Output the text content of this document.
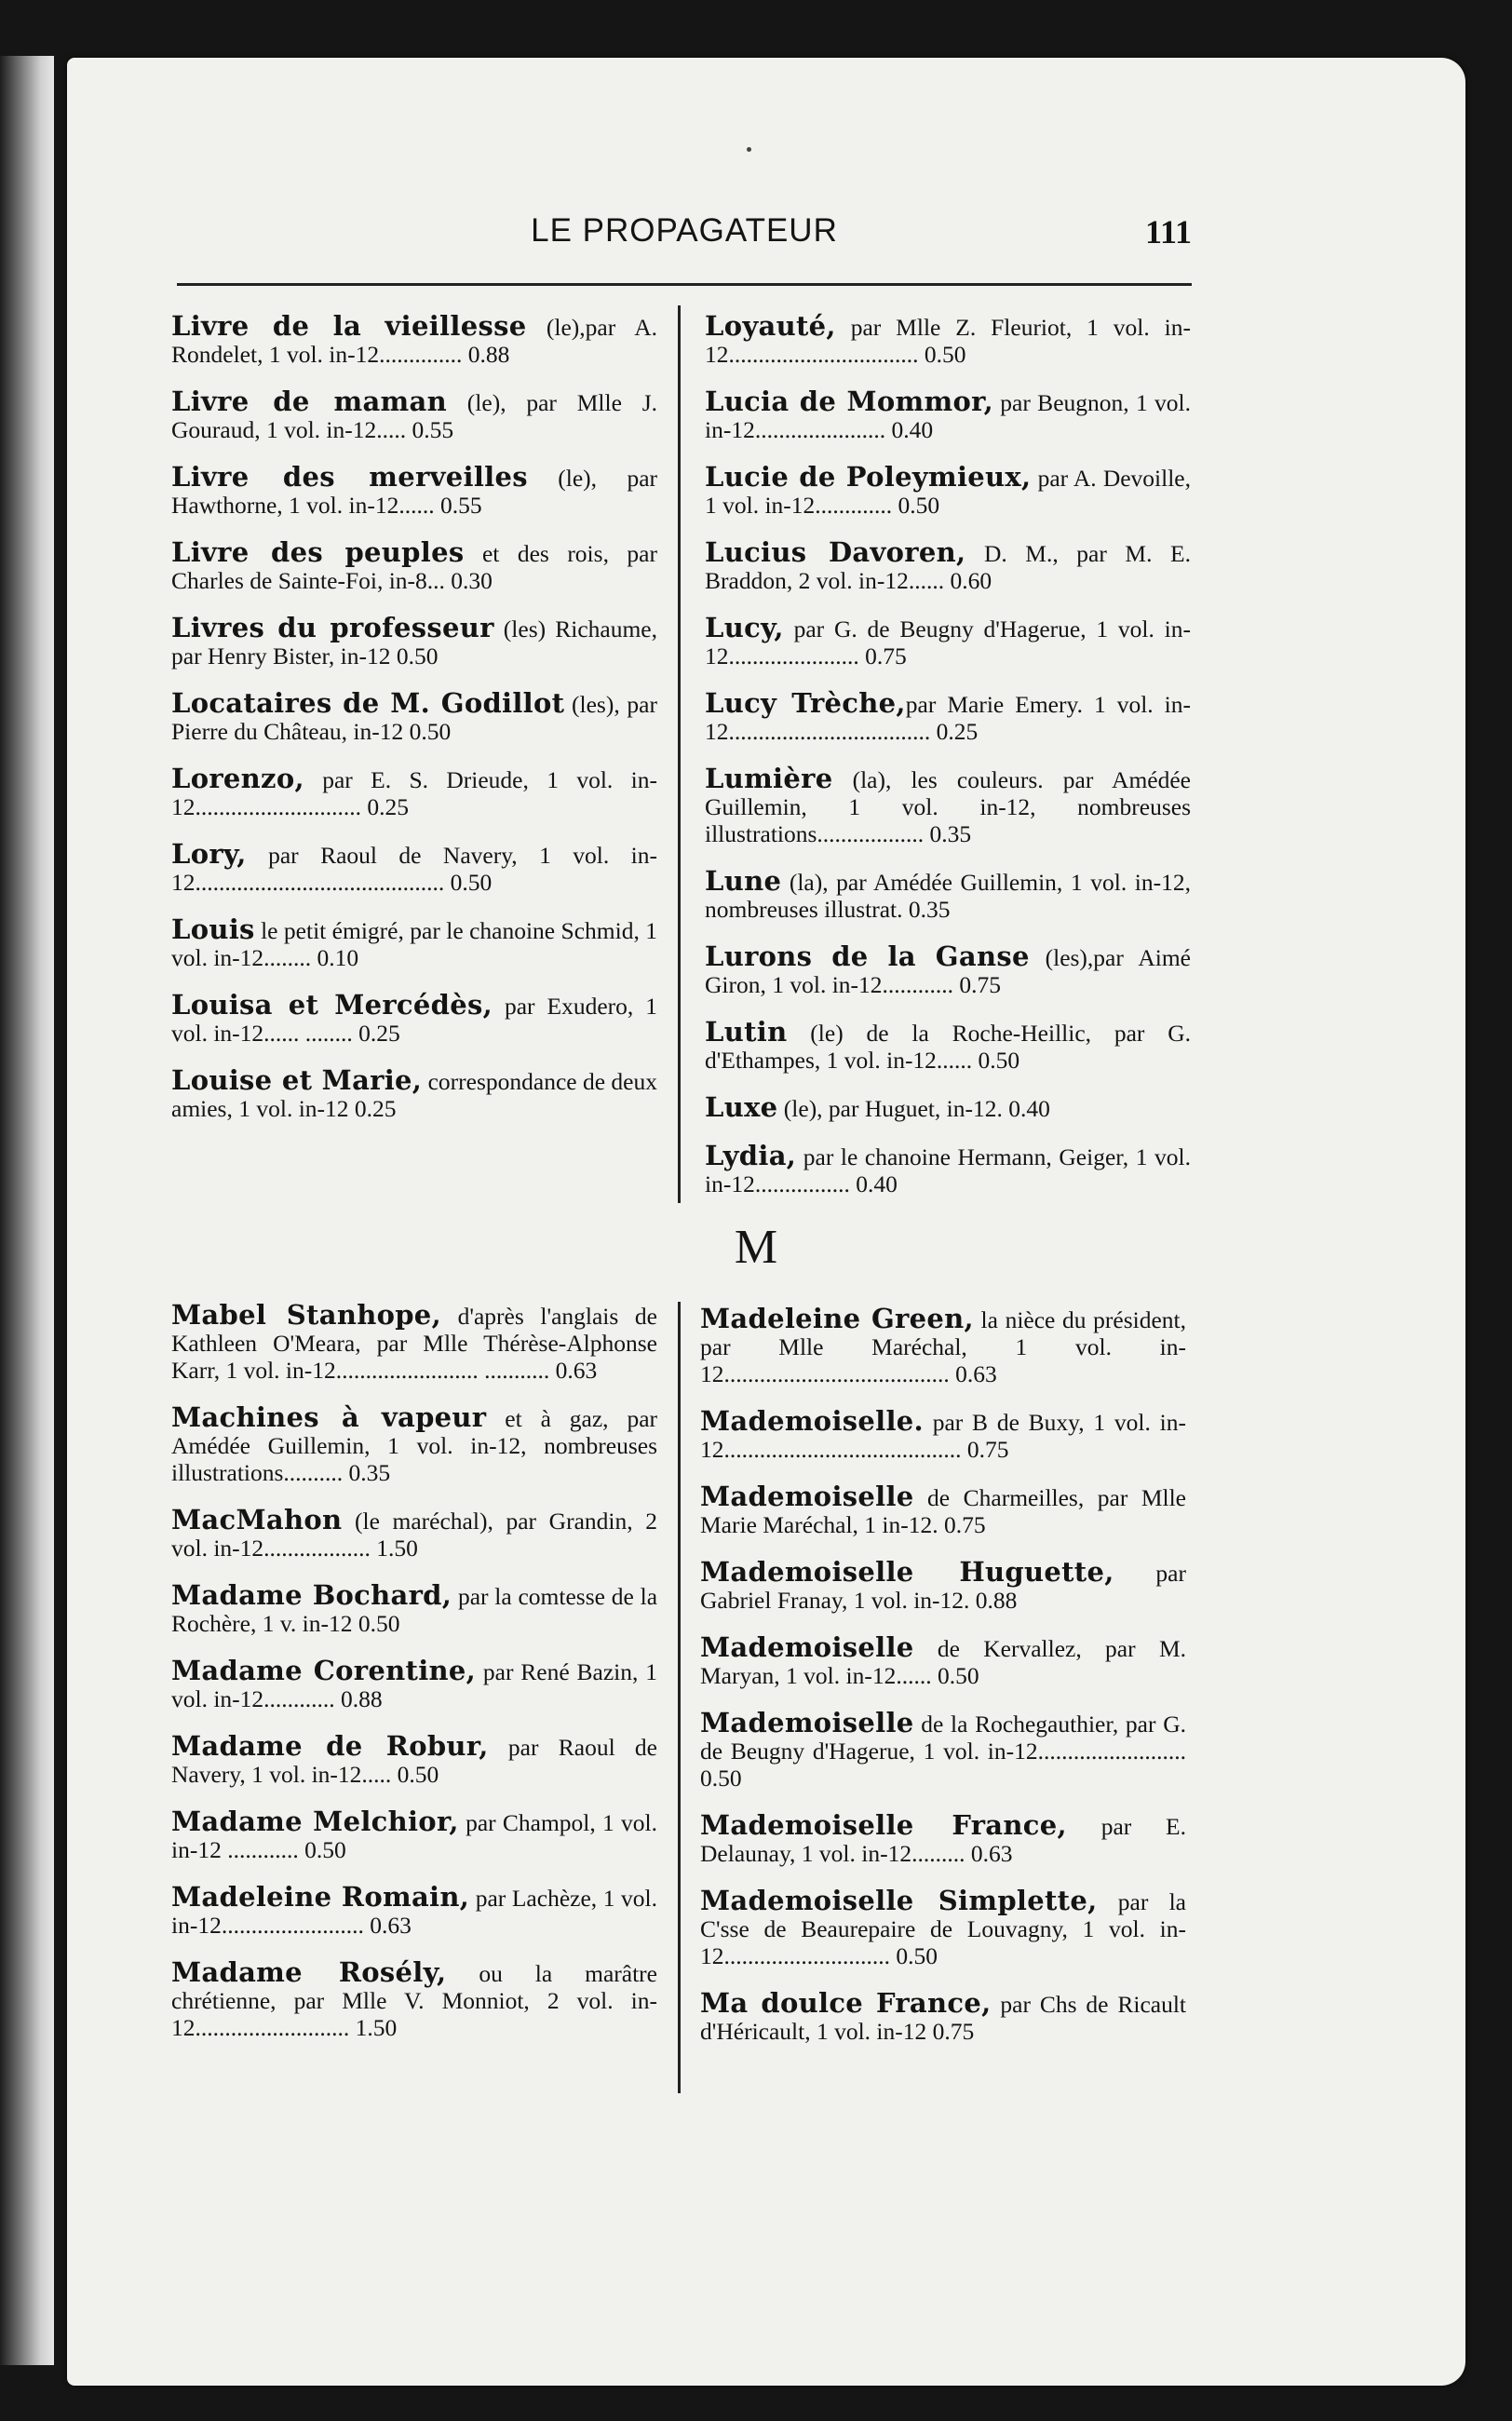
LE PROPAGATEUR	111
Livre de la vieillesse (le),par A. Rondelet, 1 vol. in-12.............. 0.88
Livre de maman (le), par Mlle J. Gouraud, 1 vol. in-12..... 0.55
Livre des merveilles (le), par Hawthorne, 1 vol. in-12...... 0.55
Livre des peuples et des rois, par Charles de Sainte-Foi, in-8... 0.30
Livres du professeur (les) Richaume, par Henry Bister, in-12 0.50
Locataires de M. Godillot (les), par Pierre du Château, in-12 0.50
Lorenzo, par E. S. Drieude, 1 vol. in-12............................ 0.25
Lory, par Raoul de Navery, 1 vol. in-12.......................................... 0.50
Louis le petit émigré, par le chanoine Schmid, 1 vol. in-12........ 0.10
Louisa et Mercédès, par Exudero, 1 vol. in-12...... ........ 0.25
Louise et Marie, correspondance de deux amies, 1 vol. in-12 0.25
Loyauté, par Mlle Z. Fleuriot, 1 vol. in-12................................ 0.50
Lucia de Mommor, par Beugnon, 1 vol. in-12...................... 0.40
Lucie de Poleymieux, par A. Devoille, 1 vol. in-12............. 0.50
Lucius Davoren, D. M., par M. E. Braddon, 2 vol. in-12...... 0.60
Lucy, par G. de Beugny d'Hagerue, 1 vol. in-12...................... 0.75
Lucy Trèche,par Marie Emery. 1 vol. in-12.................................. 0.25
Lumière (la), les couleurs. par Amédée Guillemin, 1 vol. in-12, nombreuses illustrations.................. 0.35
Lune (la), par Amédée Guillemin, 1 vol. in-12, nombreuses illustrat. 0.35
Lurons de la Ganse (les),par Aimé Giron, 1 vol. in-12............ 0.75
Lutin (le) de la Roche-Heillic, par G. d'Ethampes, 1 vol. in-12...... 0.50
Luxe (le), par Huguet, in-12. 0.40
Lydia, par le chanoine Hermann, Geiger, 1 vol. in-12................ 0.40
M
Mabel Stanhope, d'après l'anglais de Kathleen O'Meara, par Mlle Thérèse-Alphonse Karr, 1 vol. in-12........................ ........... 0.63
Machines à vapeur et à gaz, par Amédée Guillemin, 1 vol. in-12, nombreuses illustrations.......... 0.35
MacMahon (le maréchal), par Grandin, 2 vol. in-12.................. 1.50
Madame Bochard, par la comtesse de la Rochère, 1 v. in-12 0.50
Madame Corentine, par René Bazin, 1 vol. in-12............ 0.88
Madame de Robur, par Raoul de Navery, 1 vol. in-12..... 0.50
Madame Melchior, par Champol, 1 vol. in-12 ............ 0.50
Madeleine Romain, par Lachèze, 1 vol. in-12........................ 0.63
Madame Rosély, ou la marâtre chrétienne, par Mlle V. Monniot, 2 vol. in-12.......................... 1.50
Madeleine Green, la nièce du président, par Mlle Maréchal, 1 vol. in-12...................................... 0.63
Mademoiselle. par B de Buxy, 1 vol. in-12........................................ 0.75
Mademoiselle de Charmeilles, par Mlle Marie Maréchal, 1 in-12. 0.75
Mademoiselle Huguette, par Gabriel Franay, 1 vol. in-12. 0.88
Mademoiselle de Kervallez, par M. Maryan, 1 vol. in-12...... 0.50
Mademoiselle de la Rochegauthier, par G. de Beugny d'Hagerue, 1 vol. in-12......................... 0.50
Mademoiselle France, par E. Delaunay, 1 vol. in-12......... 0.63
Mademoiselle Simplette, par la C'sse de Beaurepaire de Louvagny, 1 vol. in-12............................ 0.50
Ma doulce France, par Chs de Ricault d'Héricault, 1 vol. in-12 0.75
